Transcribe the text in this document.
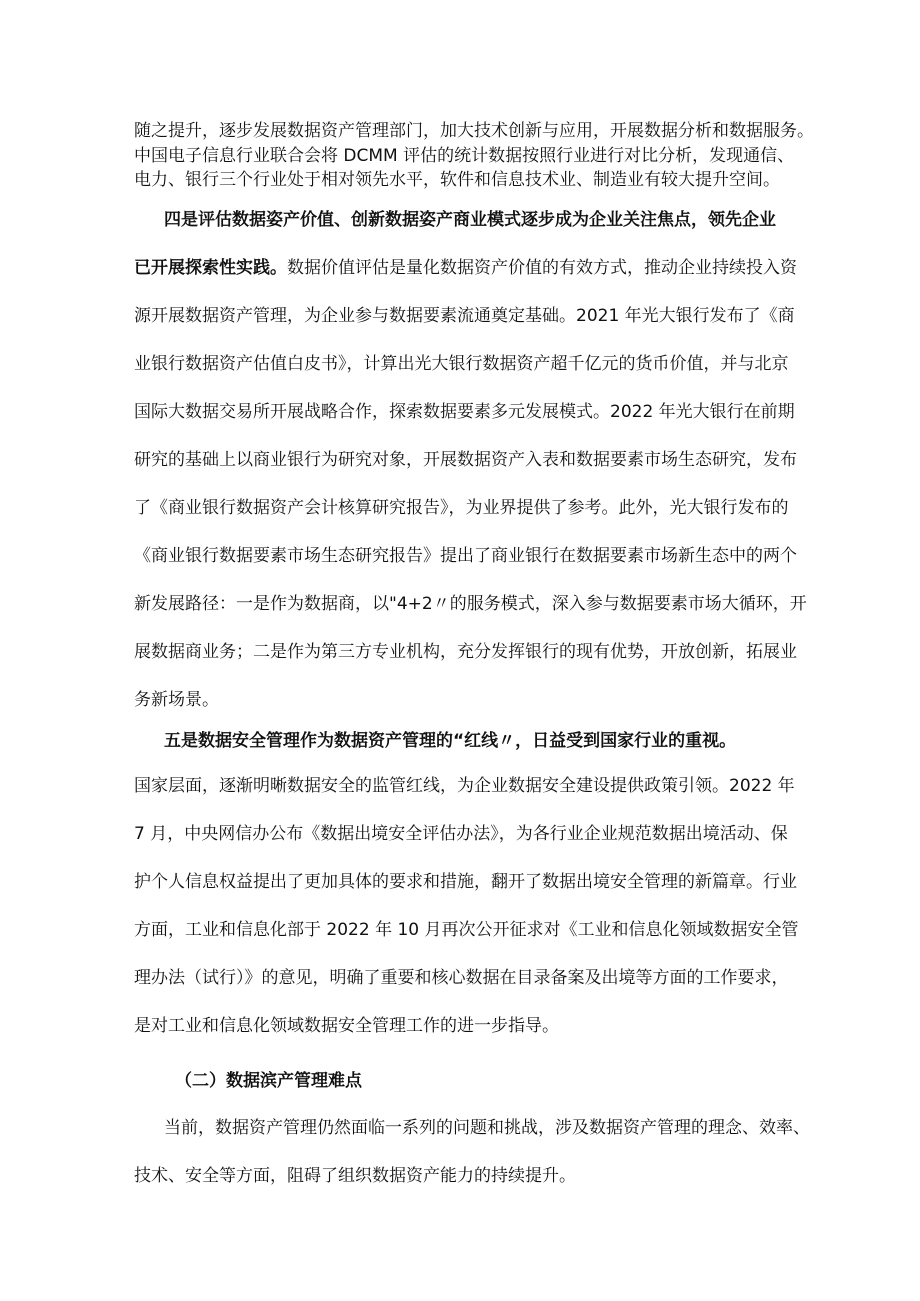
随之提升，逐步发展数据资产管理部门，加大技术创新与应用，开展数据分析和数据服务。
中国电子信息行业联合会将 DCMM 评估的统计数据按照行业进行对比分析，发现通信、
电力、银行三个行业处于相对领先水平，软件和信息技术业、制造业有较大提升空间。
四是评估数据姿产价值、创新数据姿产商业模式逐步成为企业关注焦点，领先企业
已开展探索性实践。数据价值评估是量化数据资产价值的有效方式，推动企业持续投入资
源开展数据资产管理，为企业参与数据要素流通奠定基础。2021 年光大银行发布了《商
业银行数据资产估值白皮书》，计算出光大银行数据资产超千亿元的货币价值，并与北京
国际大数据交易所开展战略合作，探索数据要素多元发展模式。2022 年光大银行在前期
研究的基础上以商业银行为研究对象，开展数据资产入表和数据要素市场生态研究，发布
了《商业银行数据资产会计核算研究报告》，为业界提供了参考。此外，光大银行发布的
《商业银行数据要素市场生态研究报告》提出了商业银行在数据要素市场新生态中的两个
新发展路径：一是作为数据商，以"4+2〃的服务模式，深入参与数据要素市场大循环，开
展数据商业务；二是作为第三方专业机构，充分发挥银行的现有优势，开放创新，拓展业
务新场景。
五是数据安全管理作为数据资产管理的“红线〃，日益受到国家行业的重视。
国家层面，逐渐明晰数据安全的监管红线，为企业数据安全建设提供政策引领。2022 年
7 月，中央网信办公布《数据出境安全评估办法》，为各行业企业规范数据出境活动、保
护个人信息权益提出了更加具体的要求和措施，翻开了数据出境安全管理的新篇章。行业
方面，工业和信息化部于 2022 年 10 月再次公开征求对《工业和信息化领域数据安全管
理办法（试行）》的意见，明确了重要和核心数据在目录备案及出境等方面的工作要求，
是对工业和信息化领域数据安全管理工作的进一步指导。
（二）数据滨产管理难点
当前，数据资产管理仍然面临一系列的问题和挑战，涉及数据资产管理的理念、效率、
技术、安全等方面，阻碍了组织数据资产能力的持续提升。
